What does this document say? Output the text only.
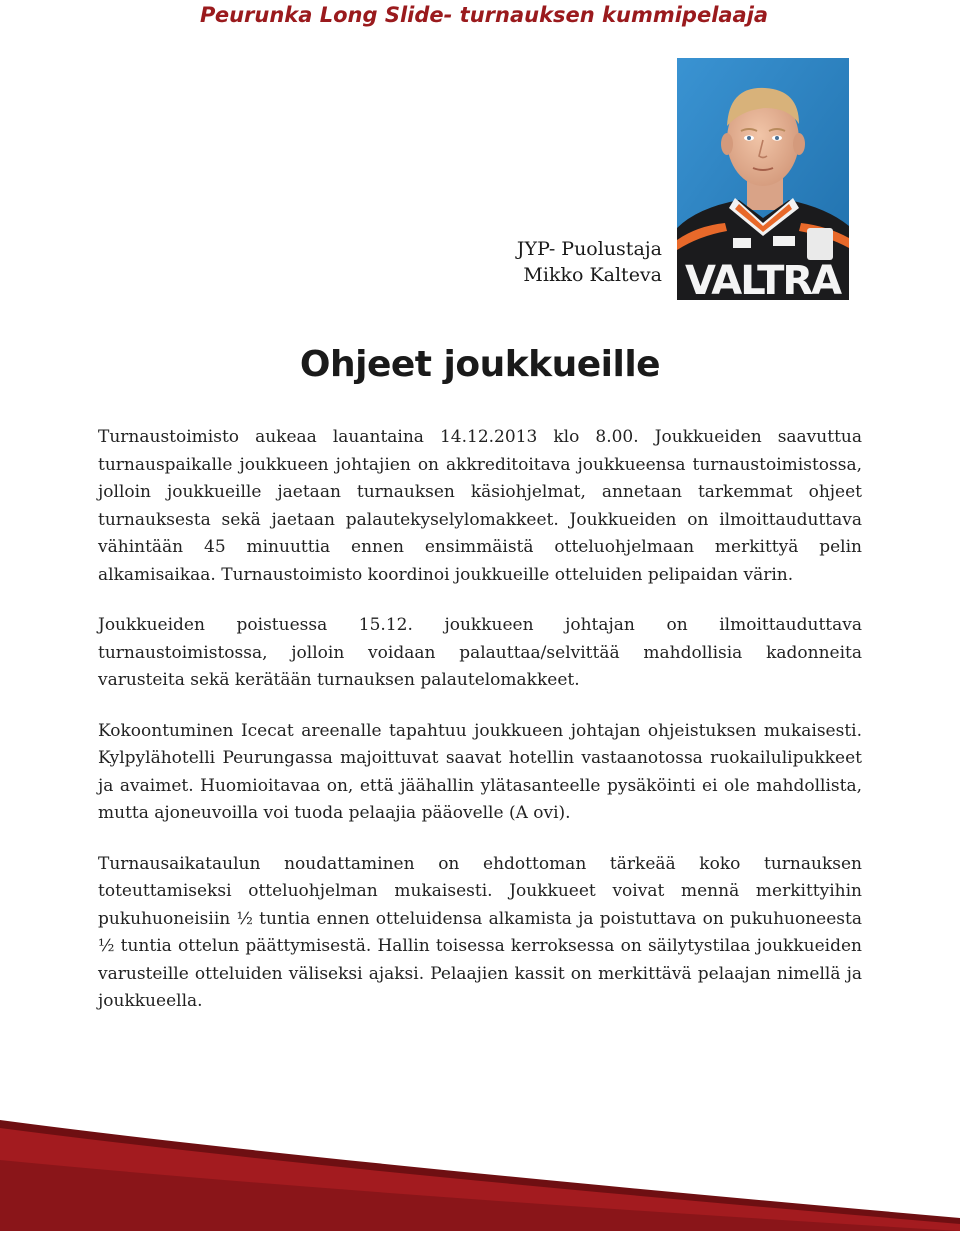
Peurunka Long Slide- turnauksen kummipelaaja
VALTRA
JYP- Puolustaja
Mikko Kalteva
Ohjeet joukkueille

Turnaustoimisto aukeaa lauantaina 14.12.2013 klo 8.00. Joukkueiden saavuttua turnauspaikalle joukkueen johtajien on akkreditoitava joukkueensa turnaustoimistossa, jolloin joukkueille jaetaan turnauksen käsiohjelmat, annetaan tarkemmat ohjeet turnauksesta sekä jaetaan palautekyselylomakkeet. Joukkueiden on ilmoittauduttava vähintään 45 minuuttia ennen ensimmäistä otteluohjelmaan merkittyä pelin alkamisaikaa. Turnaustoimisto koordinoi joukkueille otteluiden pelipaidan värin.

Joukkueiden poistuessa 15.12. joukkueen johtajan on ilmoittauduttava turnaustoimistossa, jolloin voidaan palauttaa/selvittää mahdollisia kadonneita varusteita sekä kerätään turnauksen palautelomakkeet.

Kokoontuminen Icecat areenalle tapahtuu joukkueen johtajan ohjeistuksen mukaisesti. Kylpylähotelli Peurungassa majoittuvat saavat hotellin vastaanotossa ruokailulipukkeet ja avaimet. Huomioitavaa on, että jäähallin ylätasanteelle pysäköinti ei ole mahdollista, mutta ajoneuvoilla voi tuoda pelaajia pääovelle (A ovi).

Turnausaikataulun noudattaminen on ehdottoman tärkeää koko turnauksen toteuttamiseksi otteluohjelman mukaisesti. Joukkueet voivat mennä merkittyihin pukuhuoneisiin ½ tuntia ennen otteluidensa alkamista ja poistuttava on pukuhuoneesta ½ tuntia ottelun päättymisestä. Hallin toisessa kerroksessa on säilytystilaa joukkueiden varusteille otteluiden väliseksi ajaksi. Pelaajien kassit on merkittävä pelaajan nimellä ja joukkueella.
